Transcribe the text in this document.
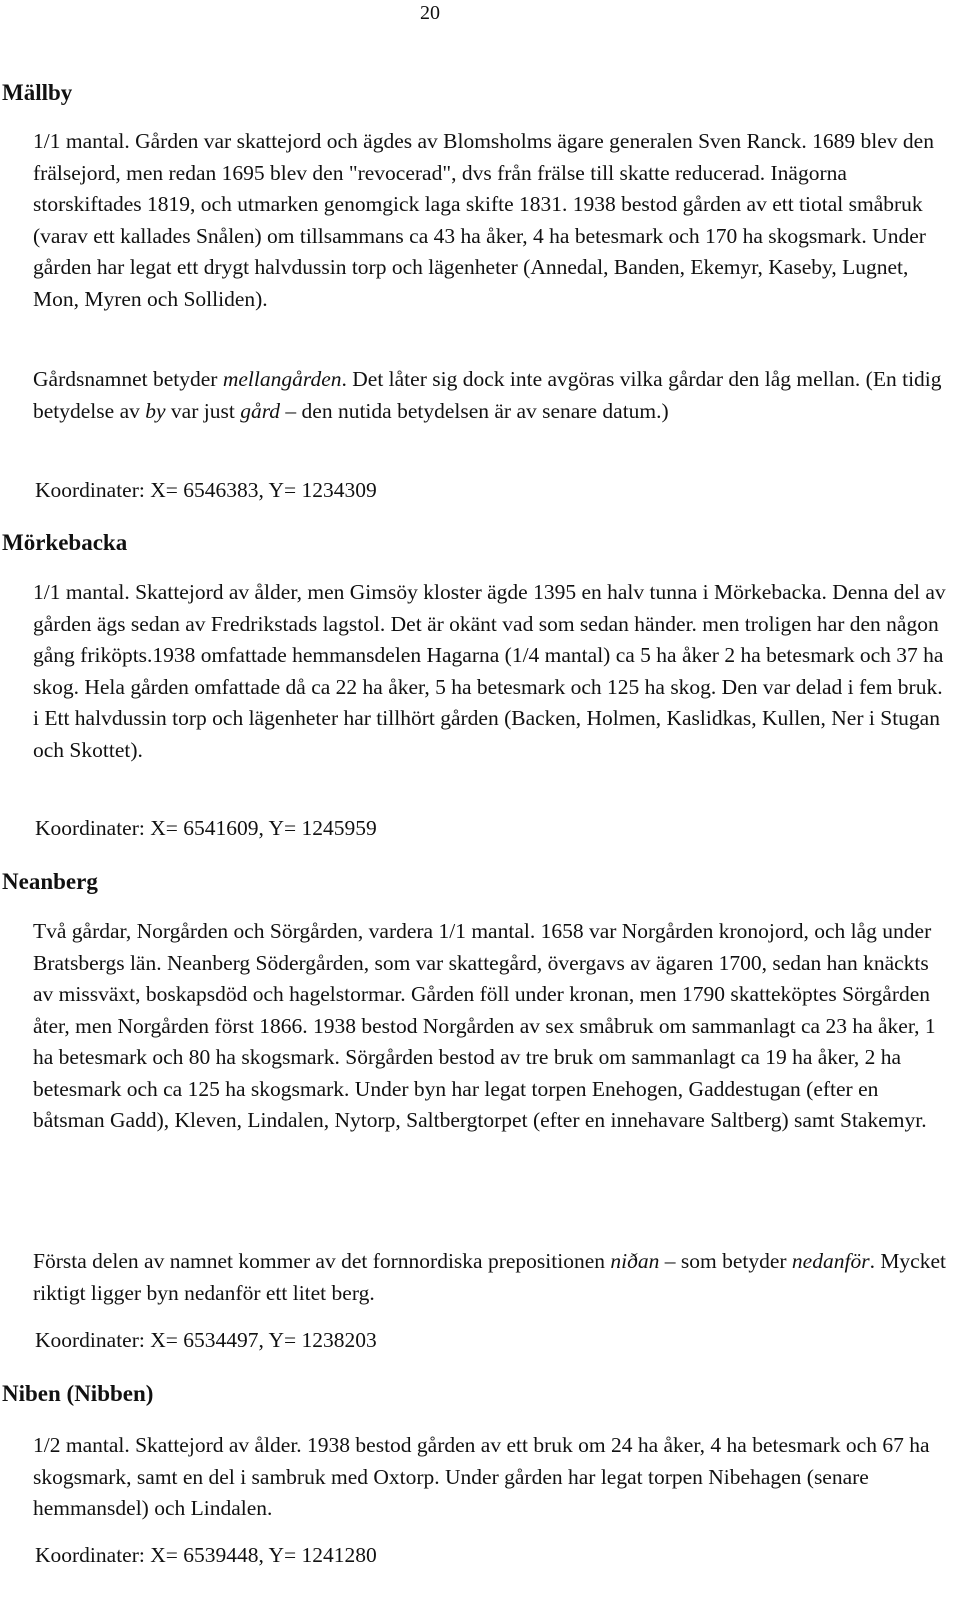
20
Mällby

1/1 mantal. Gården var skattejord och ägdes av Blomsholms ägare generalen Sven Ranck. 1689 blev den frälsejord, men redan 1695 blev den "revocerad", dvs från frälse till skatte reducerad. Inägorna storskiftades 1819, och utmarken genomgick laga skifte 1831. 1938 bestod gården av ett tiotal småbruk (varav ett kallades Snålen) om tillsammans ca 43 ha åker, 4 ha betesmark och 170 ha skogsmark. Under gården har legat ett drygt halvdussin torp och lägenheter (Annedal, Banden, Ekemyr, Kaseby, Lugnet, Mon, Myren och Solliden).

Gårdsnamnet betyder mellangården. Det låter sig dock inte avgöras vilka gårdar den låg mellan. (En tidig betydelse av by var just gård – den nutida betydelsen är av senare datum.)

Koordinater: X= 6546383, Y= 1234309

Mörkebacka

1/1 mantal. Skattejord av ålder, men Gimsöy kloster ägde 1395 en halv tunna i Mörkebacka. Denna del av gården ägs sedan av Fredrikstads lagstol. Det är okänt vad som sedan händer. men troligen har den någon gång friköpts.1938 omfattade hemmansdelen Hagarna (1/4 mantal) ca 5 ha åker 2 ha betesmark och 37 ha skog. Hela gården omfattade då ca 22 ha åker, 5 ha betesmark och 125 ha skog. Den var delad i fem bruk. i Ett halvdussin torp och lägenheter har tillhört gården (Backen, Holmen, Kaslidkas, Kullen, Ner i Stugan och Skottet).

Koordinater: X= 6541609, Y= 1245959

Neanberg

Två gårdar, Norgården och Sörgården, vardera 1/1 mantal. 1658 var Norgården kronojord, och låg under Bratsbergs län. Neanberg Södergården, som var skattegård, övergavs av ägaren 1700, sedan han knäckts av missväxt, boskapsdöd och hagelstormar. Gården föll under kronan, men 1790 skatteköptes Sörgården åter, men Norgården först 1866. 1938 bestod Norgården av sex småbruk om sammanlagt ca 23 ha åker, 1 ha betesmark och 80 ha skogsmark. Sörgården bestod av tre bruk om sammanlagt ca 19 ha åker, 2 ha betesmark och ca 125 ha skogsmark. Under byn har legat torpen Enehogen, Gaddestugan (efter en båtsman Gadd), Kleven, Lindalen, Nytorp, Saltbergtorpet (efter en innehavare Saltberg) samt Stakemyr.

Första delen av namnet kommer av det fornnordiska prepositionen niðan – som betyder nedanför. Mycket riktigt ligger byn nedanför ett litet berg.

Koordinater: X= 6534497, Y= 1238203

Niben (Nibben)

1/2 mantal. Skattejord av ålder. 1938 bestod gården av ett bruk om 24 ha åker, 4 ha betesmark och 67 ha skogsmark, samt en del i sambruk med Oxtorp. Under gården har legat torpen Nibehagen (senare hemmansdel) och Lindalen.

Koordinater: X= 6539448, Y= 1241280
